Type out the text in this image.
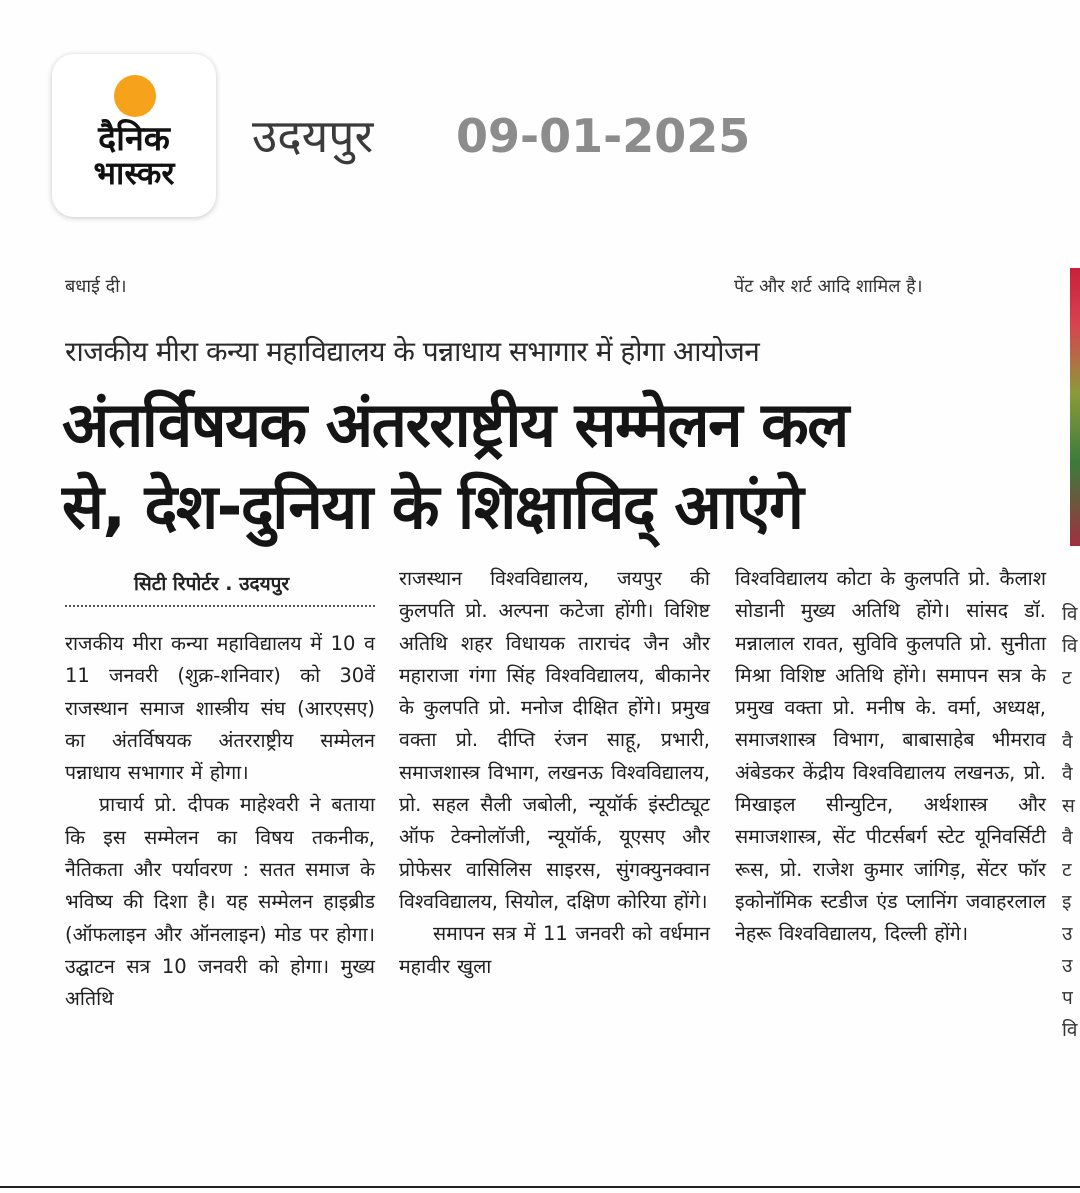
दैनिक
भास्कर
उदयपुर 09-01-2025
बधाई दी।	पेंट और शर्ट आदि शामिल है।
राजकीय मीरा कन्या महाविद्यालय के पन्नाधाय सभागार में होगा आयोजन
अंतर्विषयक अंतरराष्ट्रीय सम्मेलन कल
से, देश-दुनिया के शिक्षाविद् आएंगे
सिटी रिपोर्टर . उदयपुर

राजकीय मीरा कन्या महाविद्यालय में 10 व 11 जनवरी (शुक्र-शनिवार) को 30वें राजस्थान समाज शास्त्रीय संघ (आरएसए) का अंतर्विषयक अंतरराष्ट्रीय सम्मेलन पन्नाधाय सभागार में होगा।

प्राचार्य प्रो. दीपक माहेश्वरी ने बताया कि इस सम्मेलन का विषय तकनीक, नैतिकता और पर्यावरण : सतत समाज के भविष्य की दिशा है। यह सम्मेलन हाइब्रीड (ऑफलाइन और ऑनलाइन) मोड पर होगा। उद्घाटन सत्र 10 जनवरी को होगा। मुख्य अतिथि

राजस्थान विश्वविद्यालय, जयपुर की कुलपति प्रो. अल्पना कटेजा होंगी। विशिष्ट अतिथि शहर विधायक ताराचंद जैन और महाराजा गंगा सिंह विश्वविद्यालय, बीकानेर के कुलपति प्रो. मनोज दीक्षित होंगे। प्रमुख वक्ता प्रो. दीप्ति रंजन साहू, प्रभारी, समाजशास्त्र विभाग, लखनऊ विश्वविद्यालय, प्रो. सहल सैली जबोली, न्यूयॉर्क इंस्टीट्यूट ऑफ टेक्नोलॉजी, न्यूयॉर्क, यूएसए और प्रोफेसर वासिलिस साइरस, सुंगक्युनक्वान विश्वविद्यालय, सियोल, दक्षिण कोरिया होंगे।

समापन सत्र में 11 जनवरी को वर्धमान महावीर खुला

विश्वविद्यालय कोटा के कुलपति प्रो. कैलाश सोडानी मुख्य अतिथि होंगे। सांसद डॉ. मन्नालाल रावत, सुविवि कुलपति प्रो. सुनीता मिश्रा विशिष्ट अतिथि होंगे। समापन सत्र के प्रमुख वक्ता प्रो. मनीष के. वर्मा, अध्यक्ष, समाजशास्त्र विभाग, बाबासाहेब भीमराव अंबेडकर केंद्रीय विश्वविद्यालय लखनऊ, प्रो. मिखाइल सीन्युटिन, अर्थशास्त्र और समाजशास्त्र, सेंट पीटर्सबर्ग स्टेट यूनिवर्सिटी रूस, प्रो. राजेश कुमार जांगिड़, सेंटर फॉर इकोनॉमिक स्टडीज एंड प्लानिंग जवाहरलाल नेहरू विश्वविद्यालय, दिल्ली होंगे।

वि
वि
ट
वै
वै
स
वै
ट
इ
उ
उ
प
वि
